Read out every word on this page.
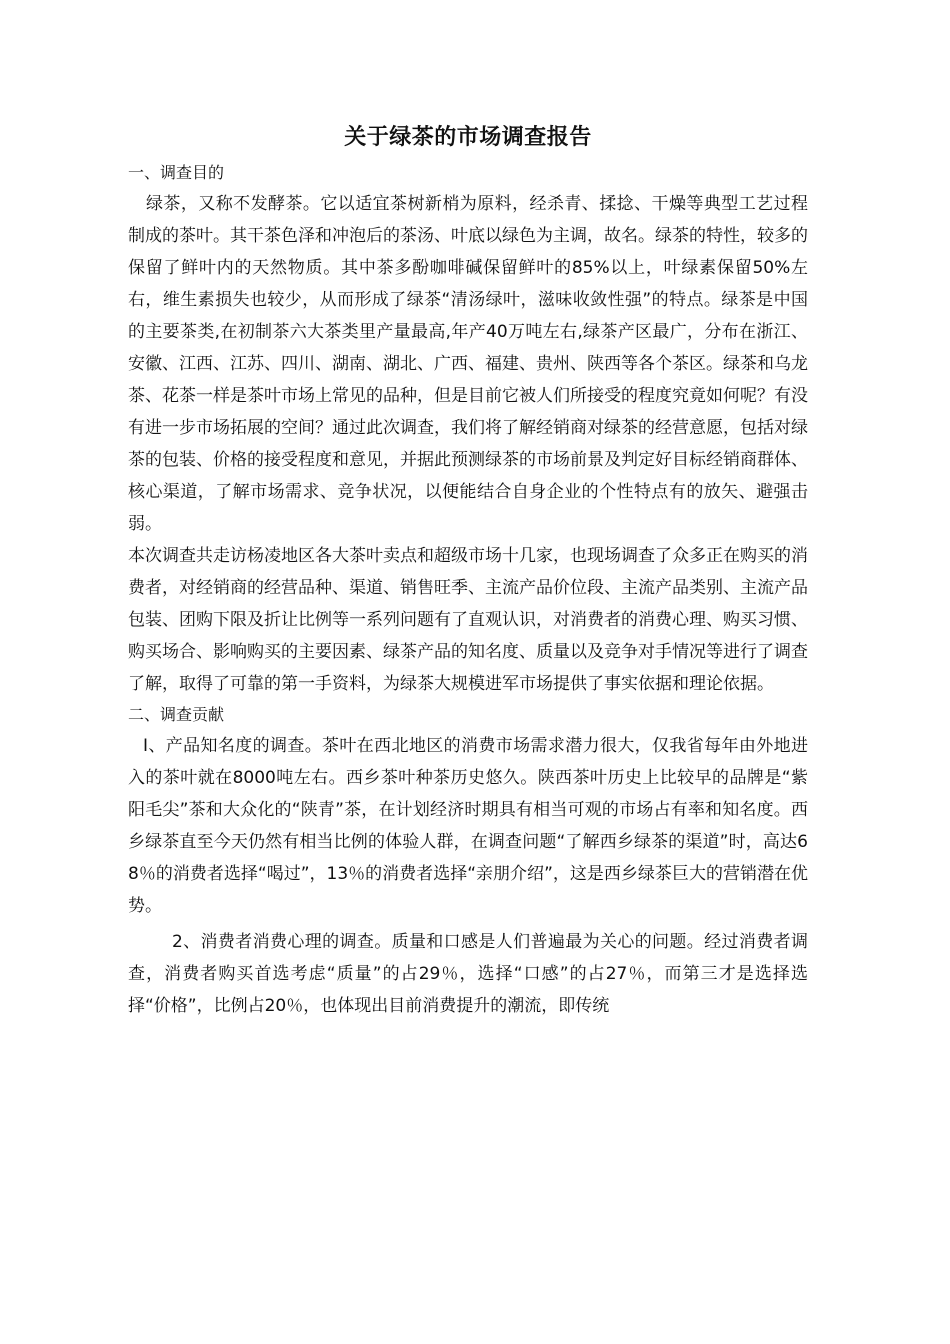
关于绿茶的市场调查报告

一、调查目的

绿茶，又称不发酵茶。它以适宜茶树新梢为原料，经杀青、揉捻、干燥等典型工艺过程制成的茶叶。其干茶色泽和冲泡后的茶汤、叶底以绿色为主调，故名。绿茶的特性，较多的保留了鲜叶内的天然物质。其中茶多酚咖啡碱保留鲜叶的85%以上，叶绿素保留50%左右，维生素损失也较少，从而形成了绿茶“清汤绿叶，滋味收敛性强”的特点。绿茶是中国的主要茶类,在初制茶六大茶类里产量最高,年产40万吨左右,绿茶产区最广，分布在浙江、安徽、江西、江苏、四川、湖南、湖北、广西、福建、贵州、陕西等各个茶区。绿茶和乌龙茶、花茶一样是茶叶市场上常见的品种，但是目前它被人们所接受的程度究竟如何呢？有没有进一步市场拓展的空间？通过此次调查，我们将了解经销商对绿茶的经营意愿，包括对绿茶的包装、价格的接受程度和意见，并据此预测绿茶的市场前景及判定好目标经销商群体、核心渠道，了解市场需求、竞争状况，以便能结合自身企业的个性特点有的放矢、避强击弱。

本次调查共走访杨凌地区各大茶叶卖点和超级市场十几家，也现场调查了众多正在购买的消费者，对经销商的经营品种、渠道、销售旺季、主流产品价位段、主流产品类别、主流产品包装、团购下限及折让比例等一系列问题有了直观认识，对消费者的消费心理、购买习惯、购买场合、影响购买的主要因素、绿茶产品的知名度、质量以及竞争对手情况等进行了调查了解，取得了可靠的第一手资料，为绿茶大规模进军市场提供了事实依据和理论依据。

二、调查贡献

Ⅰ、产品知名度的调查。茶叶在西北地区的消费市场需求潜力很大，仅我省每年由外地进入的茶叶就在8000吨左右。西乡茶叶种茶历史悠久。陕西茶叶历史上比较早的品牌是“紫阳毛尖”茶和大众化的“陕青”茶，在计划经济时期具有相当可观的市场占有率和知名度。西乡绿茶直至今天仍然有相当比例的体验人群，在调查问题“了解西乡绿茶的渠道”时，高达68％的消费者选择“喝过”，13％的消费者选择“亲朋介绍”，这是西乡绿茶巨大的营销潜在优势。

2、消费者消费心理的调查。质量和口感是人们普遍最为关心的问题。经过消费者调查，消费者购买首选考虑“质量”的占29％，选择“口感”的占27％，而第三才是选择选择“价格”，比例占20％，也体现出目前消费提升的潮流，即传统
